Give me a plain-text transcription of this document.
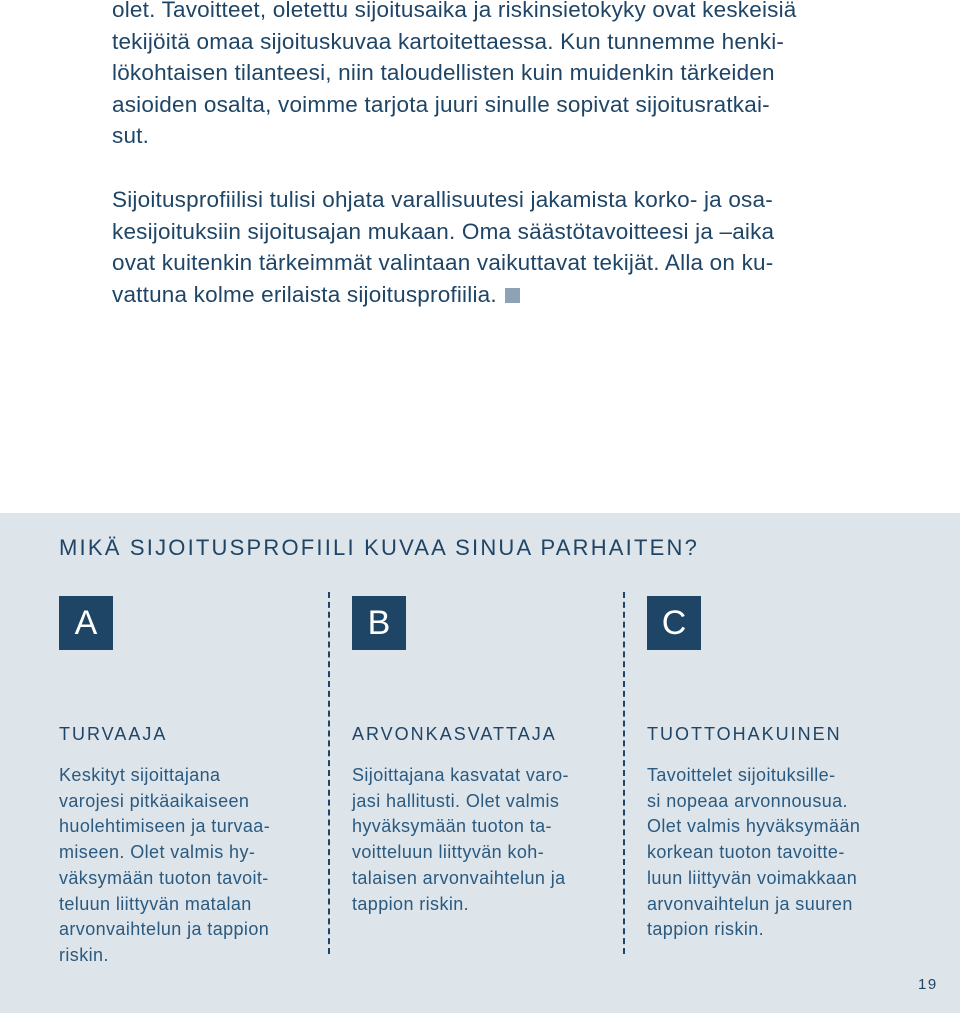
olet. Tavoitteet, oletettu sijoitusaika ja riskinsietokyky ovat keskeisiä
tekijöitä omaa sijoituskuvaa kartoitettaessa. Kun tunnemme henki-
lökohtaisen tilanteesi, niin taloudellisten kuin muidenkin tärkeiden
asioiden osalta, voimme tarjota juuri sinulle sopivat sijoitusratkai-
sut.

Sijoitusprofiilisi tulisi ohjata varallisuutesi jakamista korko- ja osa-
kesijoituksiin sijoitusajan mukaan. Oma säästötavoitteesi ja –aika
ovat kuitenkin tärkeimmät valintaan vaikuttavat tekijät. Alla on ku-
vattuna kolme erilaista sijoitusprofiilia.

MIKÄ SIJOITUSPROFIILI KUVAA SINUA PARHAITEN?
A
TURVAAJA
Keskityt sijoittajana
varojesi pitkäaikaiseen
huolehtimiseen ja turvaa-
miseen. Olet valmis hy-
väksymään tuoton tavoit-
teluun liittyvän matalan
arvonvaihtelun ja tappion
riskin.
B
ARVONKASVATTAJA
Sijoittajana kasvatat varo-
jasi hallitusti. Olet valmis
hyväksymään tuoton ta-
voitteluun liittyvän koh-
talaisen arvonvaihtelun ja
tappion riskin.
C
TUOTTOHAKUINEN
Tavoittelet sijoituksille-
si nopeaa arvonnousua.
Olet valmis hyväksymään
korkean tuoton tavoitte-
luun liittyvän voimakkaan
arvonvaihtelun ja suuren
tappion riskin.
19
